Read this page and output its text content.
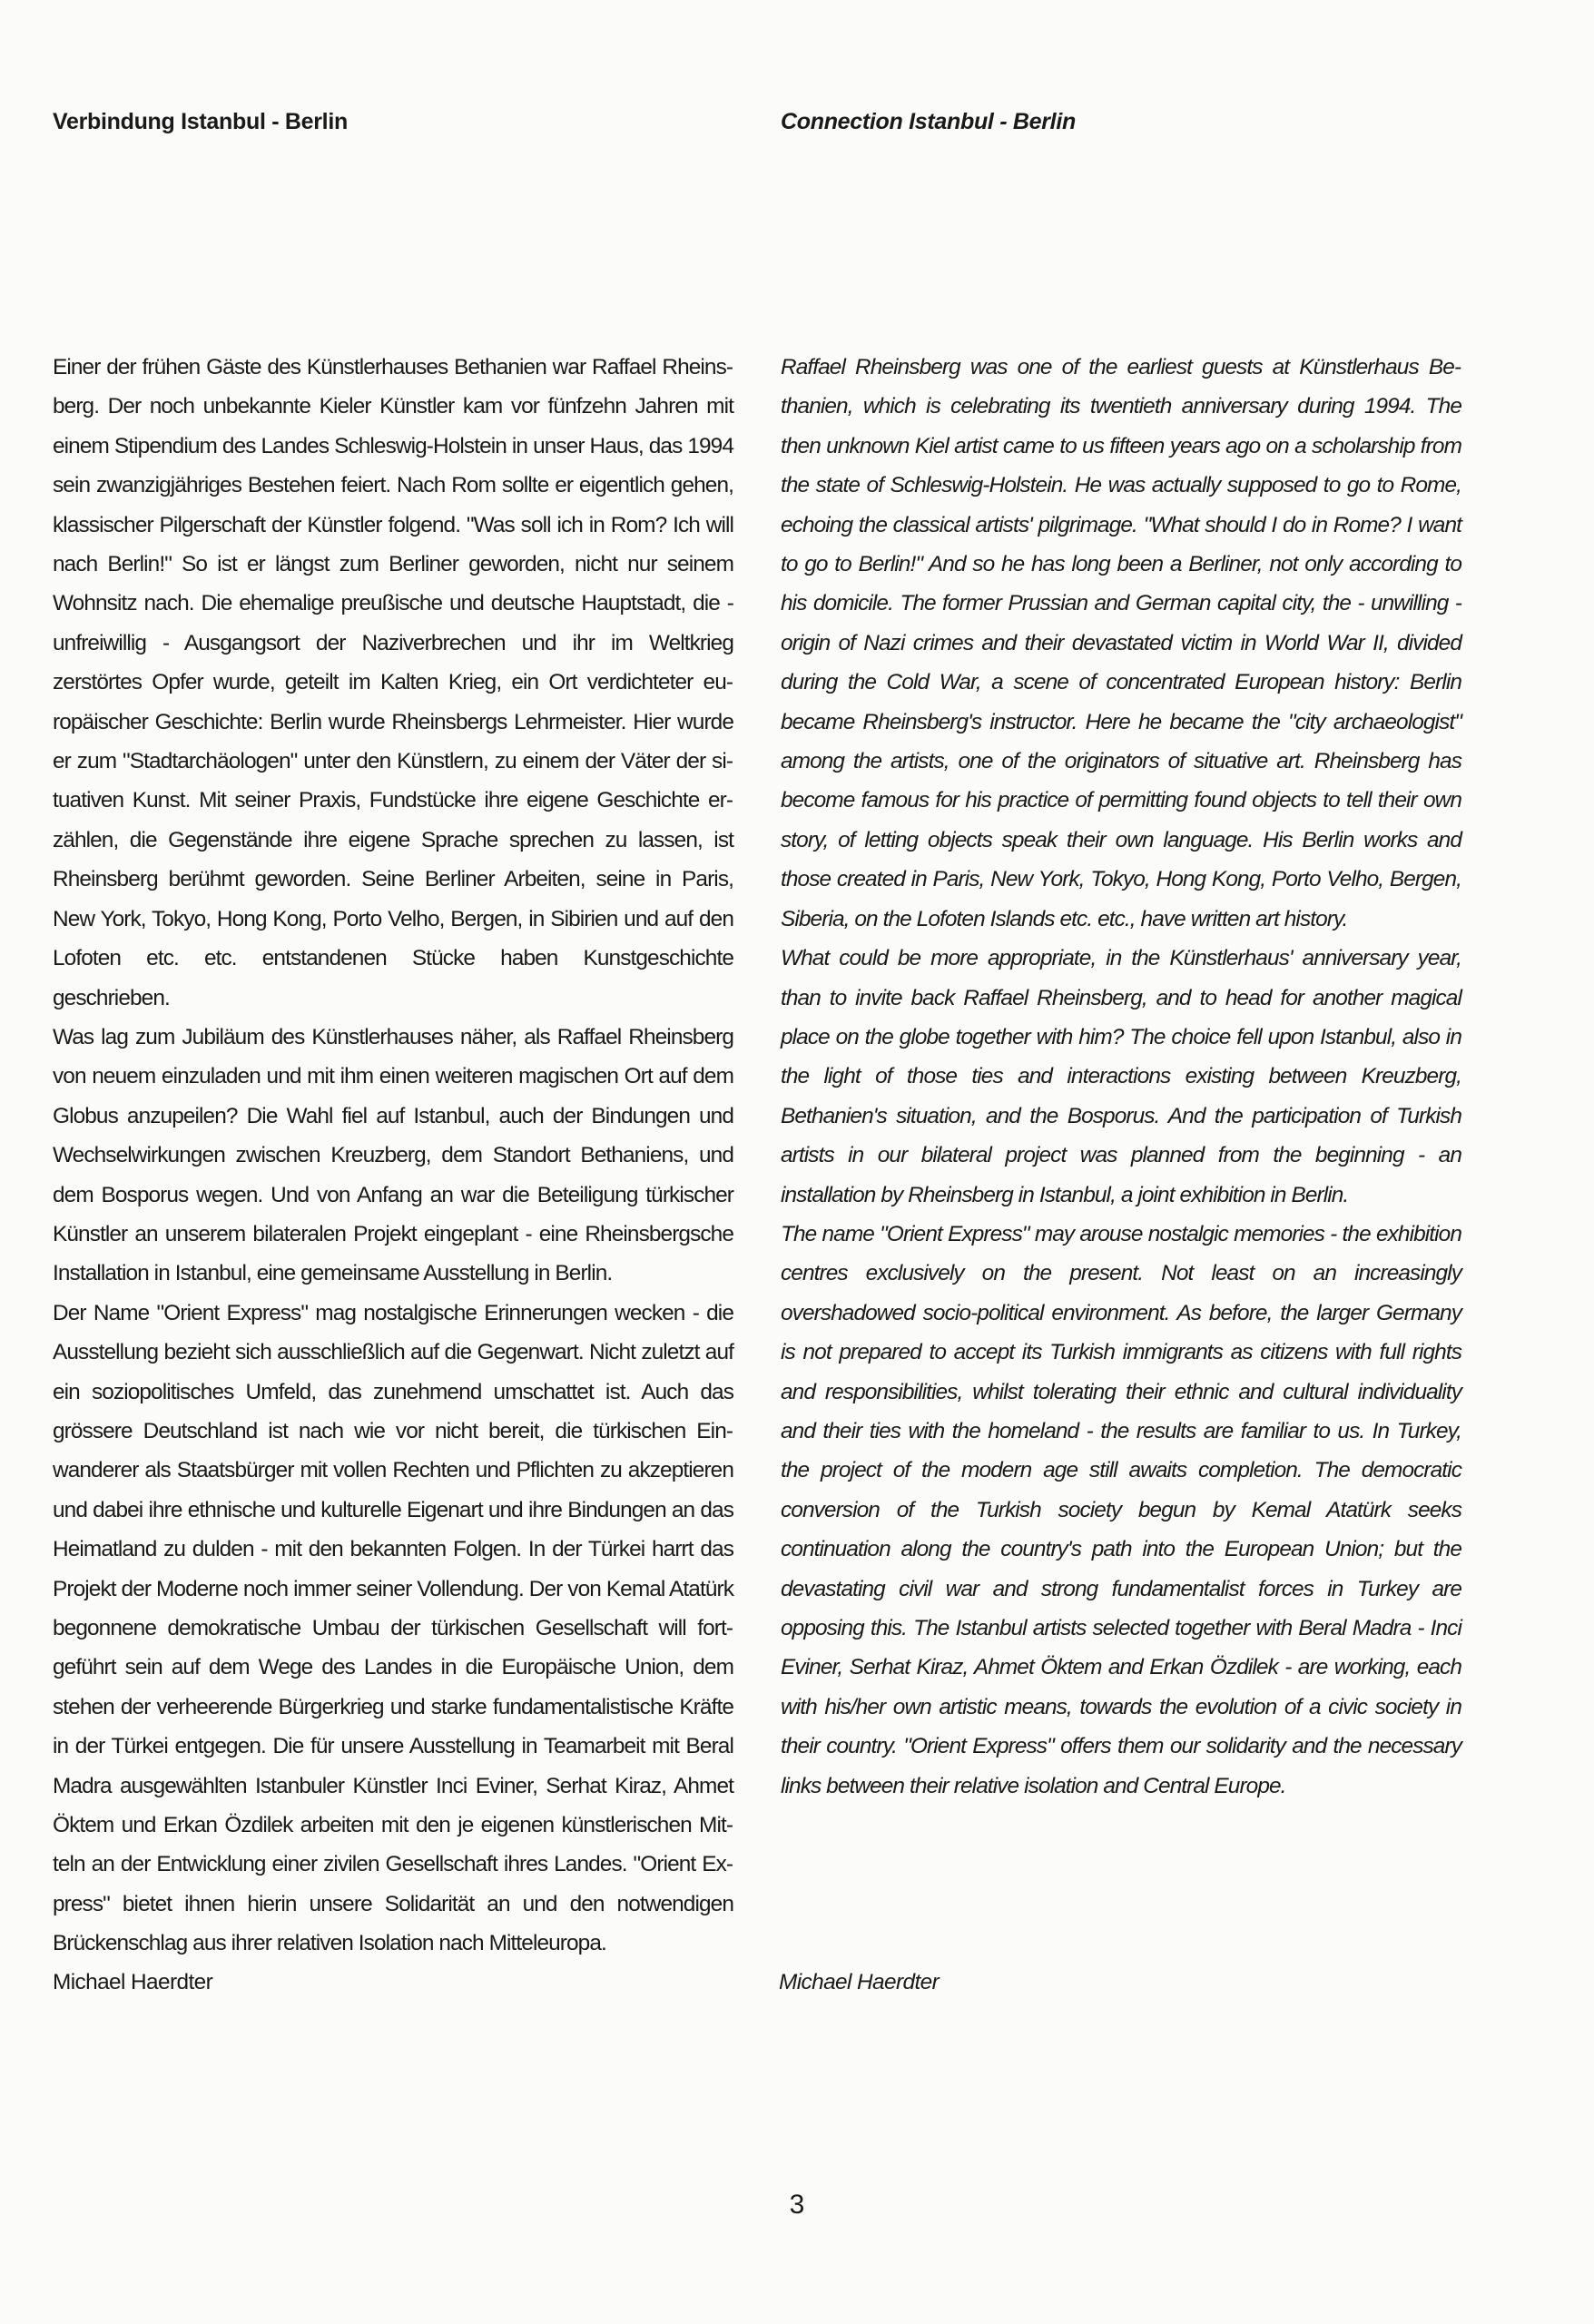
Verbindung Istanbul - Berlin	Connection Istanbul - Berlin

Einer der frühen Gäste des Künstlerhauses Bethanien war Raffael Rheinsberg. Der noch unbekannte Kieler Künstler kam vor fünfzehn Jahren mit einem Stipendium des Landes Schleswig-Holstein in unser Haus, das 1994 sein zwanzigjähriges Bestehen feiert. Nach Rom sollte er eigentlich gehen, klassischer Pilgerschaft der Künstler folgend. "Was soll ich in Rom? Ich will nach Berlin!" So ist er längst zum Berliner geworden, nicht nur seinem Wohnsitz nach. Die ehemalige preußische und deutsche Hauptstadt, die - unfreiwillig - Ausgangsort der Naziverbrechen und ihr im Weltkrieg zerstörtes Opfer wurde, geteilt im Kalten Krieg, ein Ort verdichteter europäischer Geschichte: Berlin wurde Rheinsbergs Lehrmeister. Hier wurde er zum "Stadtarchäologen" unter den Künstlern, zu einem der Väter der situativen Kunst. Mit seiner Praxis, Fundstücke ihre eigene Geschichte erzählen, die Gegenstände ihre eigene Sprache sprechen zu lassen, ist Rheinsberg berühmt geworden. Seine Berliner Arbeiten, seine in Paris, New York, Tokyo, Hong Kong, Porto Velho, Bergen, in Sibirien und auf den Lofoten etc. etc. entstandenen Stücke haben Kunstgeschichte geschrieben.

Was lag zum Jubiläum des Künstlerhauses näher, als Raffael Rheinsberg von neuem einzuladen und mit ihm einen weiteren magischen Ort auf dem Globus anzupeilen? Die Wahl fiel auf Istanbul, auch der Bindungen und Wechselwirkungen zwischen Kreuzberg, dem Standort Bethaniens, und dem Bosporus wegen. Und von Anfang an war die Beteiligung türkischer Künstler an unserem bilateralen Projekt eingeplant - eine Rheinsbergsche Installation in Istanbul, eine gemeinsame Ausstellung in Berlin.

Der Name "Orient Express" mag nostalgische Erinnerungen wecken - die Ausstellung bezieht sich ausschließlich auf die Gegenwart. Nicht zuletzt auf ein soziopolitisches Umfeld, das zunehmend umschattet ist. Auch das grössere Deutschland ist nach wie vor nicht bereit, die türkischen Einwanderer als Staatsbürger mit vollen Rechten und Pflichten zu akzeptieren und dabei ihre ethnische und kulturelle Eigenart und ihre Bindungen an das Heimatland zu dulden - mit den bekannten Folgen. In der Türkei harrt das Projekt der Moderne noch immer seiner Vollendung. Der von Kemal Atatürk begonnene demokratische Umbau der türkischen Gesellschaft will fortgeführt sein auf dem Wege des Landes in die Europäische Union, dem stehen der verheerende Bürgerkrieg und starke fundamentalistische Kräfte in der Türkei entgegen. Die für unsere Ausstellung in Teamarbeit mit Beral Madra ausgewählten Istanbuler Künstler Inci Eviner, Serhat Kiraz, Ahmet Öktem und Erkan Özdilek arbeiten mit den je eigenen künstlerischen Mitteln an der Entwicklung einer zivilen Gesellschaft ihres Landes. "Orient Express" bietet ihnen hierin unsere Solidarität an und den notwendigen Brückenschlag aus ihrer relativen Isolation nach Mitteleuropa.

Raffael Rheinsberg was one of the earliest guests at Künstlerhaus Bethanien, which is celebrating its twentieth anniversary during 1994. The then unknown Kiel artist came to us fifteen years ago on a scholarship from the state of Schleswig-Holstein. He was actually supposed to go to Rome, echoing the classical artists' pilgrimage. "What should I do in Rome? I want to go to Berlin!" And so he has long been a Berliner, not only according to his domicile. The former Prussian and German capital city, the - unwilling - origin of Nazi crimes and their devastated victim in World War II, divided during the Cold War, a scene of concentrated European history: Berlin became Rheinsberg's instructor. Here he became the "city archaeologist" among the artists, one of the originators of situative art. Rheinsberg has become famous for his practice of permitting found objects to tell their own story, of letting objects speak their own language. His Berlin works and those created in Paris, New York, Tokyo, Hong Kong, Porto Velho, Bergen, Siberia, on the Lofoten Islands etc. etc., have written art history.

What could be more appropriate, in the Künstlerhaus' anniversary year, than to invite back Raffael Rheinsberg, and to head for another magical place on the globe together with him? The choice fell upon Istanbul, also in the light of those ties and interactions existing between Kreuzberg, Bethanien's situation, and the Bosporus. And the participation of Turkish artists in our bilateral project was planned from the beginning - an installation by Rheinsberg in Istanbul, a joint exhibition in Berlin.

The name "Orient Express" may arouse nostalgic memories - the exhibition centres exclusively on the present. Not least on an increasingly overshadowed socio-political environment. As before, the larger Germany is not prepared to accept its Turkish immigrants as citizens with full rights and responsibilities, whilst tolerating their ethnic and cultural individuality and their ties with the homeland - the results are familiar to us. In Turkey, the project of the modern age still awaits completion. The democratic conversion of the Turkish society begun by Kemal Atatürk seeks continuation along the country's path into the European Union; but the devastating civil war and strong fundamentalist forces in Turkey are opposing this. The Istanbul artists selected together with Beral Madra - Inci Eviner, Serhat Kiraz, Ahmet Öktem and Erkan Özdilek - are working, each with his/her own artistic means, towards the evolution of a civic society in their country. "Orient Express" offers them our solidarity and the necessary links between their relative isolation and Central Europe.

Michael Haerdter	Michael Haerdter

3
